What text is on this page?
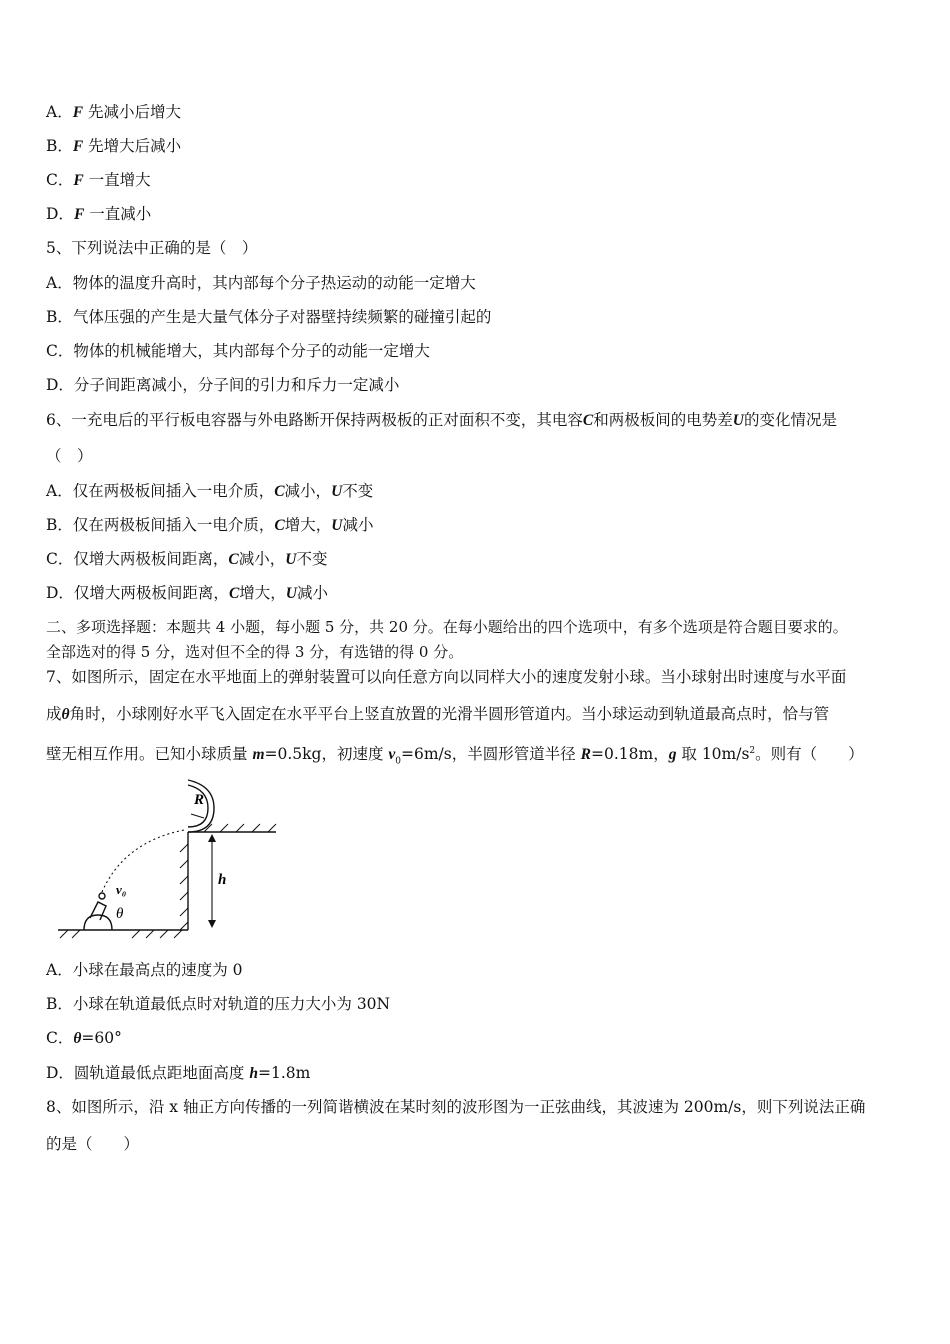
A．F 先减小后增大
B．F 先增大后减小
C．F 一直增大
D．F 一直减小
5、下列说法中正确的是（　）
A．物体的温度升高时，其内部每个分子热运动的动能一定增大
B．气体压强的产生是大量气体分子对器壁持续频繁的碰撞引起的
C．物体的机械能增大，其内部每个分子的动能一定增大
D．分子间距离减小，分子间的引力和斥力一定减小
6、一充电后的平行板电容器与外电路断开保持两极板的正对面积不变，其电容C和两极板间的电势差U的变化情况是
（　）
A．仅在两极板间插入一电介质，C减小，U不变
B．仅在两极板间插入一电介质，C增大，U减小
C．仅增大两极板间距离，C减小，U不变
D．仅增大两极板间距离，C增大，U减小
二、多项选择题：本题共 4 小题，每小题 5 分，共 20 分。在每小题给出的四个选项中，有多个选项是符合题目要求的。
全部选对的得 5 分，选对但不全的得 3 分，有选错的得 0 分。
7、如图所示，固定在水平地面上的弹射装置可以向任意方向以同样大小的速度发射小球。当小球射出时速度与水平面
成θ角时，小球刚好水平飞入固定在水平平台上竖直放置的光滑半圆形管道内。当小球运动到轨道最高点时，恰与管
壁无相互作用。已知小球质量 m=0.5kg，初速度 $v_0=6m/s$，半圆形管道半径 R=0.18m，g 取 $10m/s^2$。则有（　　）
R
h
v₀
θ
A．小球在最高点的速度为 0
B．小球在轨道最低点时对轨道的压力大小为 30N
C．θ=60°
D．圆轨道最低点距地面高度 h=1.8m
8、如图所示，沿 x 轴正方向传播的一列简谐横波在某时刻的波形图为一正弦曲线，其波速为 200m/s，则下列说法正确
的是（　　）
